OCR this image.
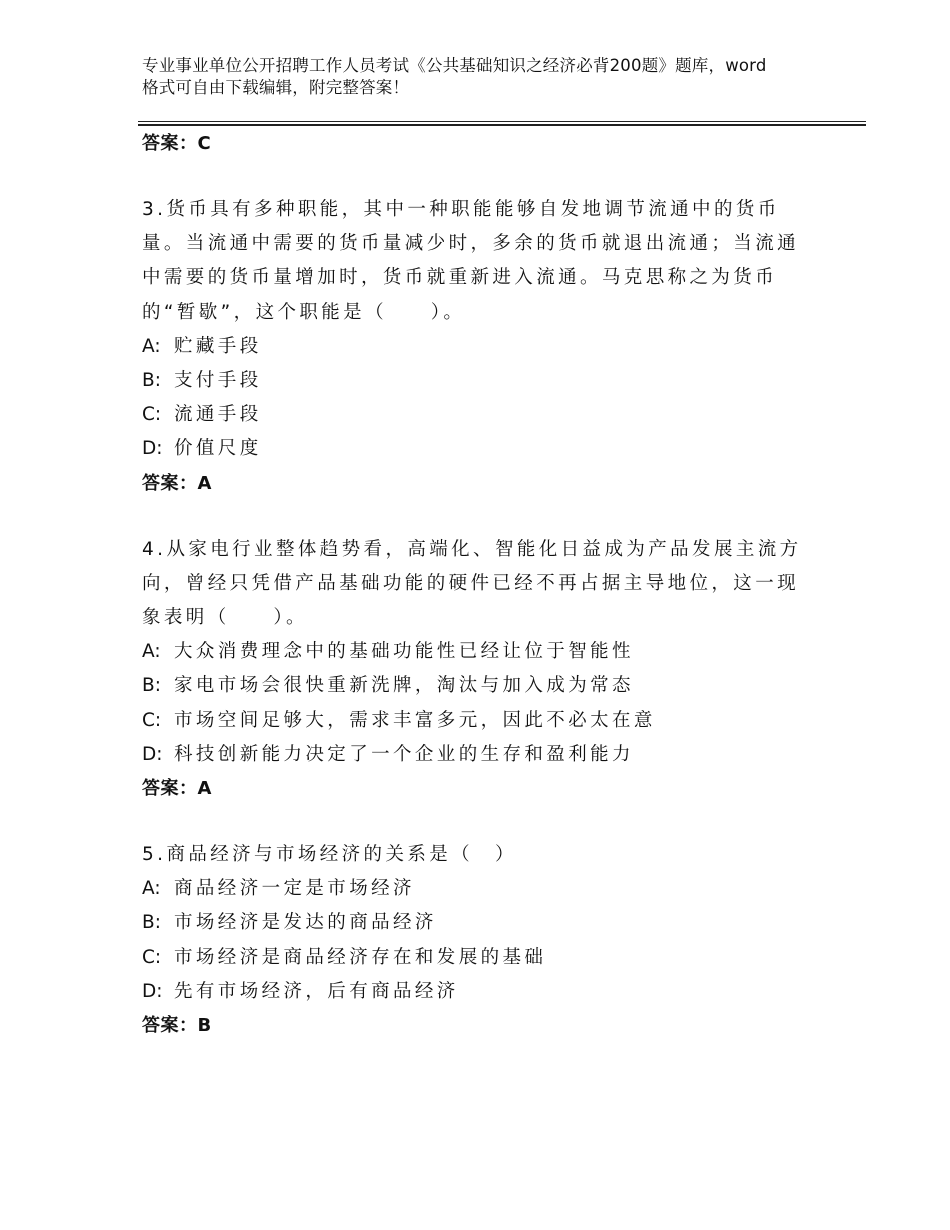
专业事业单位公开招聘工作人员考试《公共基础知识之经济必背200题》题库，word格式可自由下载编辑，附完整答案！
答案：C

3.货币具有多种职能，其中一种职能能够自发地调节流通中的货币量。当流通中需要的货币量减少时，多余的货币就退出流通；当流通中需要的货币量增加时，货币就重新进入流通。马克思称之为货币的“暂歇”，这个职能是（　　）。

A: 贮藏手段
B: 支付手段
C: 流通手段
D: 价值尺度
答案：A

4.从家电行业整体趋势看，高端化、智能化日益成为产品发展主流方向，曾经只凭借产品基础功能的硬件已经不再占据主导地位，这一现象表明（　　）。

A: 大众消费理念中的基础功能性已经让位于智能性
B: 家电市场会很快重新洗牌，淘汰与加入成为常态
C: 市场空间足够大，需求丰富多元，因此不必太在意
D: 科技创新能力决定了一个企业的生存和盈利能力
答案：A

5.商品经济与市场经济的关系是（　）

A: 商品经济一定是市场经济
B: 市场经济是发达的商品经济
C: 市场经济是商品经济存在和发展的基础
D: 先有市场经济，后有商品经济
答案：B
